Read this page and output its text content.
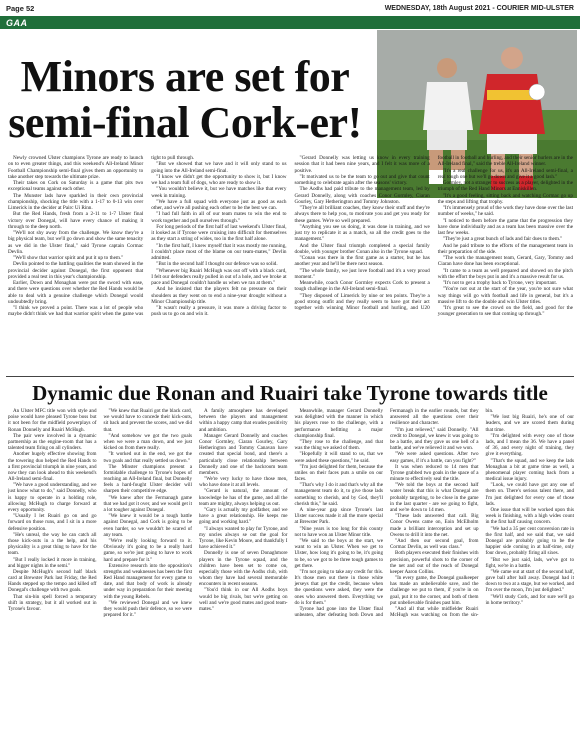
Page 52	WEDNESDAY, 18th August 2021 - COURIER MID-ULSTER
GAA
Minors are set for semi-final Cork-er!

Newly crowned Ulster champions Tyrone are ready to launch on to even greater things, and this weekend's All-Ireland Minor Football Championship semi-final gives them an opportunity to take another step towards the ultimate prize.

Their takes on Cork on Saturday is a game that pits two exceptional teams against each other.

The Munster lads have sparkled in their own provincial championship, shocking the title with a 1-17 to 0-13 win over Limerick in the decider at Pairc Ui Rinn.

But the Red Hands, fresh from a 2-11 to 1-7 Ulster final victory over Donegal, will have every chance of making it through to the deep north.

"We'll not shy away from the challenge. We know they're a big physical team, but we'll go down and show the same tenacity as we did in the Ulster final," said Tyrone captain Cormac Devlin.

"We'll show that warrior spirit and put it up to them."

Devlin pointed to the battling qualities the team showed in the provincial decider against Donegal, the first opponent that provided a real test in this year's championship.

Earlier, Down and Monaghan were put the sword with ease, and there were questions over whether the Red Hands would be able to deal with a genuine challenge which Donegal would undoubtedly bring.

"I think we proved a point. There was a lot of people who maybe didn't think we had that warrior spirit when the game was tight to pull through.

"But we showed that we have and it will only stand to us going into the All-Ireland semi-final.

"I know we didn't get the opportunity to show it, but I know we had a team full of dogs, who are ready to show it.

"You wouldn't believe it, but we have matches like that every week in training.

"We have a full squad with everyone just as good as each other, and we're all pushing each other to be the best we can.

"I had full faith in all of our team mates to win the end to work together and pull ourselves through."

For long periods of the first half of last weekend's Ulster final, it looked as if Tyrone were cruising into difficult for themselves as they start a string of wides, too in the first half alone.

"In the first half, I knew myself that it was mostly me running, I couldn't place most of the blame on our team-mates," Devlin admitted.

"But in the second half I thought our defence was so solid.

"Whenever big Ruairi McHugh was out off with a black card, I felt our defenders really pulled in out of a hole, and we broke at pace and Donegal couldn't handle us when we ran at them."

And he insisted that the players felt no pressure on their shoulders as they went on to end a nine-year drought without a Minor Championship title.

"It wasn't really a pressure, it was more a driving factor to push us to go on and win it.

"Gerard Donnelly was letting us know in every training session that it had been nine years, and I felt it was more of a positive.

"It motivated us to be the team to go out and give that count something to celebrate again after the seasons' victory.

The Aodhs had paid tribute to the management team, led by Gerard Donnelly, along with coaches Conor Gormley, Ciaran Gourley, Gary Hetherington and Tommy Johnston.

"They're all brilliant coaches, they know their stuff and they're always there to help you, to motivate you and get you ready for these games. We're so well prepared.

"Anything you see us doing, it was done in training, and we just try to replicate it as a match, so all the credit goes to the management."

And the Ulster final triumph completed a special family double, with younger brother Conan also in the Tyrone squad.

"Conan was there in the first game as a starter, but he has another year and he'll be there next season.

"The whole family, we just love football and it's a very proud moment."

Meanwhile, coach Conor Gormley expects Cork to present a tough challenge in the All-Ireland semi-final.

"They disposed of Limerick by nine or ten points. They're a good strong outfit and they really seem to have got their act together with winning Minor football and hurling, and U20 football in football and hurling, and their senior hurlers are in the All-Ireland final," said the treble All-Ireland winner.

"It's a real challenge for us, it's an All-Ireland semi-final, a real tough one but we'll go down and give it a good lash."

Gormley, not a stranger to success as a player, delighted in the triumph of the Red Hand Minors at Enniskillen.

"It's a good feeling, sitting back and watching Cormac go up the steps and lifting that trophy.

"It's immensely proud of the work they have done over the last number of weeks," he said.

"I noticed to them before the game that the progression they have done individually and as a team has been massive over the last few weeks.

"They're just a great bunch of lads and fair dues to them."

And he paid tribute to the efforts of the management team in their preparation of the side.

"The work the management team, Gerard, Gary, Tommy and Ciaran have done has been exceptional.

"It came to a team as well prepared and showed on the pitch with the effort the boys put in and it's a massive result for us.

"It's not to get a trophy back to Tyrone, very important.

"You're not out at the start of the year, you're not sure what way things will go with football and life in general, but it's a massive lift to do the double and win Ulster titles.

"It's great to see the crowd on the field, and good for the younger generation to see that coming up through."

Dynamic due Ronan and Ruairi take Tyrone towards title

An Ulster MFC title won with style and poise would have pleased Tyrone boss but it not been for the midfield powerplays of Ronan Donnelly and Ruairi McHugh.

The pair were involved in a dynamic partnership as the engine-room that has a talented team firing on all cylinders.

Another hugely effective showing from the towering duo helped the Red Hands to a first provincial triumph in nine years, and now they can look ahead to this weekend's All-Ireland semi-final.

"We have a good understanding, and we just know what to do," said Donnelly, who is happy to operate in a holding role, allowing McHugh to charge forward at every opportunity.

"Usually I let Ruairi go on and go forward on those runs, and I sit in a more defensive position.

"He's unreal, the way he can catch all those kick-outs in a the help, and his physicality is a great thing to have for the team.

"But I really locked it more in training, and bigger nights in the semi."

Despite McHugh's second half black card at Brewster Park last Friday, the Red Hands stepped up the tempo and killed off Donegal's challenge with two goals.

That sin-bin spell forced a temporary shift in strategy, but it all worked out in Tyrone's favour.

"We knew that Ruairi got the black card, we would have to concede their kick-outs, sit back and prevent the scores, and we did that.

"And somehow we got the two goals when we were a man down, and we just kicked on from there really.

"It worked out in the end, we got the two goals and that really settled us down."

The Minster champions present a formidable challenge to Tyrone's hopes of reaching an All-Ireland final, but Donnelly feels a hard-fought Ulster decider will sharpen their competitive edge.

"We knew after the Fermanagh game that we had got it over, and we would get it a lot tougher against Donegal.

"We knew it would be a tough battle against Donegal, and Cork is going to be even harder, so we wouldn't be scared of any team.

"We're really looking forward to it. Obviously it's going to be a really hard game, so we're just going to have to work hard and prepare for it."

Extensive research into the opposition's strengths and weaknesses has been the first Red Hand management for every game to date, and that body of work is already under way in preparation for their meeting with the young Rebels.

"We reviewed Donegal and we knew they would push their defence, so we were prepared for it."

A family atmosphere has developed between the players and management within a happy camp that exudes positivity and ambition.

Manager Gerard Donnelly and coaches Conor Gormley, Ciaran Gourley, Gary Hetherington and Tommy Canavan have created that special bond, and there's a particularly close relationship between Donnelly and one of the backroom team members.

"We're very lucky to have those men, who have done it at all levels.

"Gerard is natural, the amount of knowledge he has of the game, and all the team are mighty, always helping us out.

"Gary is actually my godfather, and we have a great relationship. He keeps me going and working hard."

"I always wanted to play for Tyrone, and my uncles always se out the goal for Tyrone, like Kevin Moore, and thankfully I have achieved it."

Donnelly is one of seven Donaghmore players in the Tyrone squad, and the children have been set to come on, especially those with the Aodhs club, with whom they have had several memorable encounters in recent seasons.

"You'd think in our All Aodhs boys would be big rivals, but we're getting on well and we're good mates and good team-mates."

Meanwhile, manager Gerard Donnelly was delighted with the manner in which his players rose to the challenge, with a performance befitting a major championship final.

"They rose to the challenge, and that was the thing we asked of them.

"Hopefully it will stand to us, that we were asked these questions," he said.

"I'm just delighted for them, because the smiles on their faces puts a smile on our faces.

"That's why I do it and that's why all the management team do it, to give those lads something to cherish, and by God, they'll cherish this," he said.

A nine-year gap since Tyrone's last Ulster success made it all the more special at Brewster Park.

"Nine years is too long for this county not to have won an Ulster Minor title.

"We said to the boys at the start, we want to win an Ulster. When we get to Ulster, how long it's going to be, it's going to be, so we got to be three tough games to get there.

"I'm not going to take any credit for this. It's those men out there in those white jerseys that get the credit, because when the questions were asked, they were the ones who answered them. Everything we do is for them."

Tyrone had gone into the Ulster final unbeaten, after defeating both Down and Fermanagh in the earlier rounds, but they answered all the questions over their resilience and character.

"I'm just relieved," said Donnelly. "All credit to Donegal, we knew it was going to be a battle, and they gave us one hell of a battle, and we've relieved it and we won.

"We were asked questions. After two easy games, if it's a battle, can you fight?"

It was when reduced to 14 men that Tyrone grabbed two goals in the space of a minute to effectively seal the title.

"We told the boys at the second half water break that this is what Donegal are probably targeting, to be close in the game in the last quarter - are we going to fight, and we're down to 14 men.

"These lads answered that call. Big Conor Owens came on, Eoin McElholm made a brilliant interception and set up Owens to drill it into the net.

"And then our second goal, from Cormac Devlin, as well was class."

Both players executed their finishes with precision, powerful shots to the corner of the net and out of the reach of Donegal keeper Aaron Collins.

"In every game, the Donegal goalkeeper has made an unbelievable save, and the challenge we put to them, if you're in on goal, put it to the corner, and both of them put unbelievable finishes past him.

"And all that while midfielder Ruairi McHugh was watching on from the sin-bin.

"We lost big Ruairi, he's one of our leaders, and we are scored them during that time.

"I'm delighted with every one of those lads, and I mean the 36. We have a panel of 36, and every night of training, they give it everything.

"That's the squad, and we keep the lads Monaghan a bit at game time as well, a phenomenal player coming back from a medical issue injury.

"Look, we could have got any one of them on. There's serious talent there, and I'm just delighted for every one of those lads.

One issue that will be worked upon this week is finishing, with a high wides count in the first half causing concern.

"We had a 35 per cent conversion rate in the first half, and we said that, we said Donegal are probably going to be the happier side coming in at half-time, only four down, probably firing all sixes.

"But we just said, lads, we've got to fight, we're in a battle.

"We came out at start of the second half, gave ball after ball away. Donegal had it down to two at a stage, but we worked, and I'm over the moon, I'm just delighted."

"We'll study Cork, and for sure we'll go in home territory."
